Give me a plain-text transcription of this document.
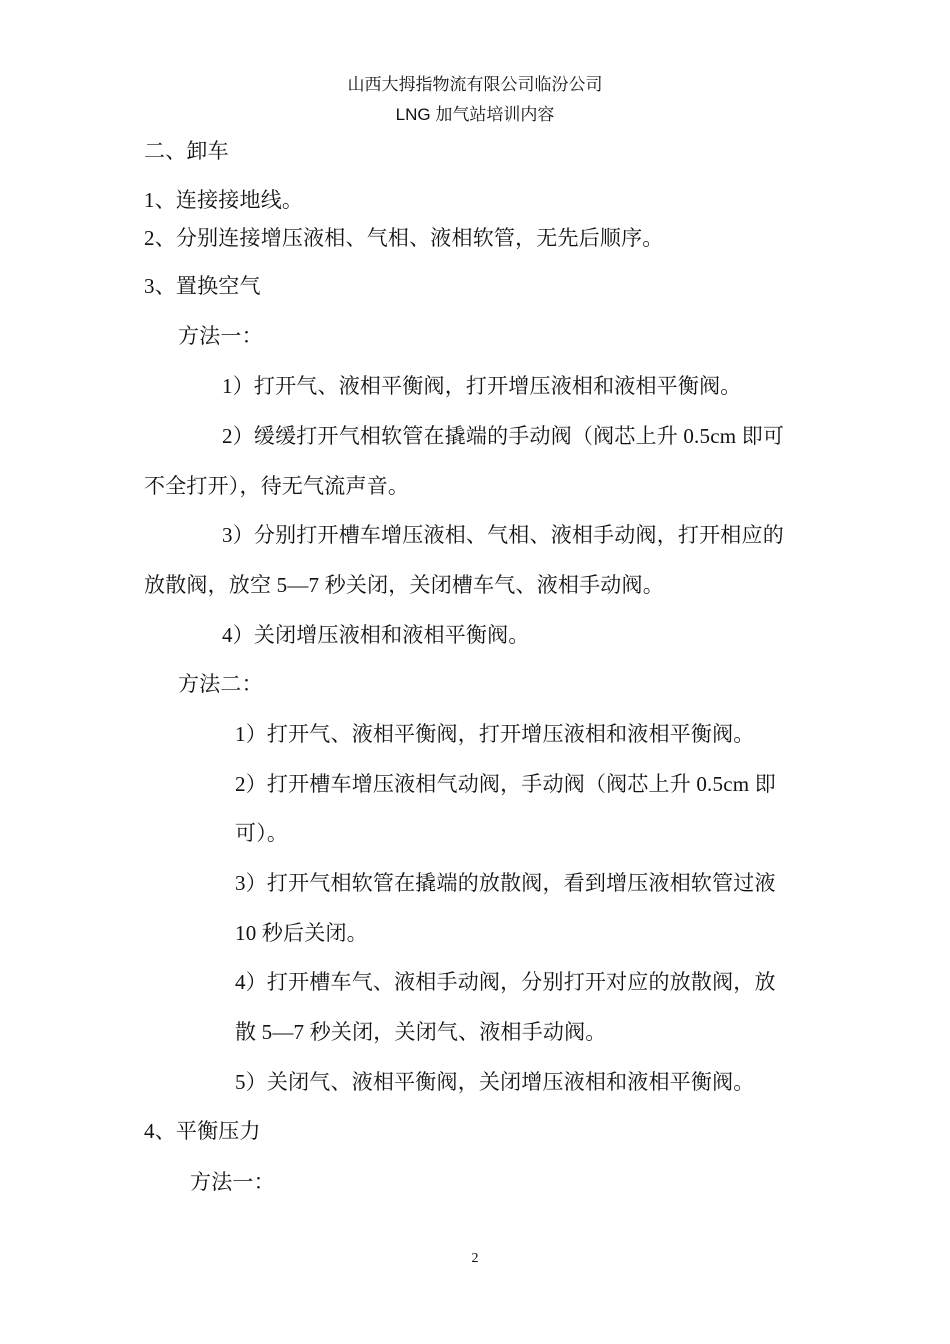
山西大拇指物流有限公司临汾公司
LNG 加气站培训内容
二、卸车
1、连接接地线。
2、分别连接增压液相、气相、液相软管，无先后顺序。
3、置换空气
方法一：
1）打开气、液相平衡阀，打开增压液相和液相平衡阀。
2）缓缓打开气相软管在撬端的手动阀（阀芯上升 0.5cm 即可
不全打开），待无气流声音。
3）分别打开槽车增压液相、气相、液相手动阀，打开相应的
放散阀，放空 5—7 秒关闭，关闭槽车气、液相手动阀。
4）关闭增压液相和液相平衡阀。
方法二：
1）打开气、液相平衡阀，打开增压液相和液相平衡阀。
2）打开槽车增压液相气动阀，手动阀（阀芯上升 0.5cm 即
可）。
3）打开气相软管在撬端的放散阀，看到增压液相软管过液
10 秒后关闭。
4）打开槽车气、液相手动阀，分别打开对应的放散阀，放
散 5—7 秒关闭，关闭气、液相手动阀。
5）关闭气、液相平衡阀，关闭增压液相和液相平衡阀。
4、平衡压力
方法一：
2
